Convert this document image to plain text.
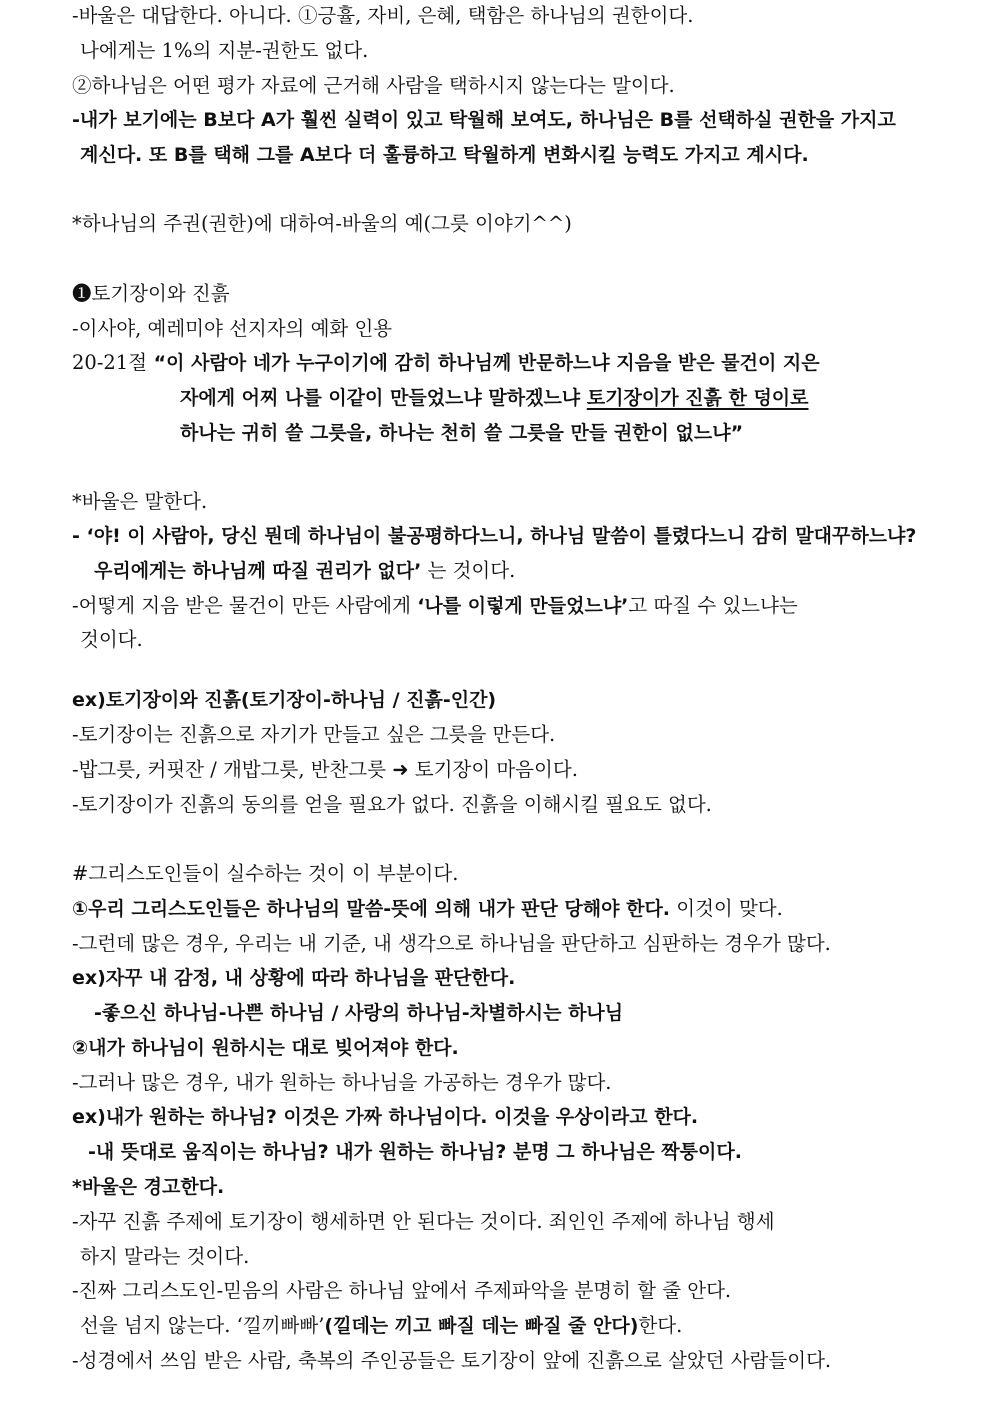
-바울은 대답한다. 아니다. ①긍휼, 자비, 은혜, 택함은 하나님의 권한이다.
나에게는 1%의 지분-권한도 없다.
②하나님은 어떤 평가 자료에 근거해 사람을 택하시지 않는다는 말이다.
-내가 보기에는 B보다 A가 훨씬 실력이 있고 탁월해 보여도, 하나님은 B를 선택하실 권한을 가지고
계신다. 또 B를 택해 그를 A보다 더 훌륭하고 탁월하게 변화시킬 능력도 가지고 계시다.
*하나님의 주권(권한)에 대하여-바울의 예(그릇 이야기^^)
❶토기장이와 진흙
-이사야, 예레미야 선지자의 예화 인용
20-21절 “이 사람아 네가 누구이기에 감히 하나님께 반문하느냐 지음을 받은 물건이 지은
자에게 어찌 나를 이같이 만들었느냐 말하겠느냐 토기장이가 진흙 한 덩이로
하나는 귀히 쓸 그릇을, 하나는 천히 쓸 그릇을 만들 권한이 없느냐”
*바울은 말한다.
- ‘야! 이 사람아, 당신 뭔데 하나님이 불공평하다느니, 하나님 말씀이 틀렸다느니 감히 말대꾸하느냐?
우리에게는 하나님께 따질 권리가 없다’ 는 것이다.
-어떻게 지음 받은 물건이 만든 사람에게 ‘나를 이렇게 만들었느냐’고 따질 수 있느냐는
것이다.
ex)토기장이와 진흙(토기장이-하나님 / 진흙-인간)
-토기장이는 진흙으로 자기가 만들고 싶은 그릇을 만든다.
-밥그릇, 커핏잔 / 개밥그릇, 반찬그릇 ➜ 토기장이 마음이다.
-토기장이가 진흙의 동의를 얻을 필요가 없다. 진흙을 이해시킬 필요도 없다.
#그리스도인들이 실수하는 것이 이 부분이다.
①우리 그리스도인들은 하나님의 말씀-뜻에 의해 내가 판단 당해야 한다. 이것이 맞다.
-그런데 많은 경우, 우리는 내 기준, 내 생각으로 하나님을 판단하고 심판하는 경우가 많다.
ex)자꾸 내 감정, 내 상황에 따라 하나님을 판단한다.
-좋으신 하나님-나쁜 하나님 / 사랑의 하나님-차별하시는 하나님
②내가 하나님이 원하시는 대로 빚어져야 한다.
-그러나 많은 경우, 내가 원하는 하나님을 가공하는 경우가 많다.
ex)내가 원하는 하나님? 이것은 가짜 하나님이다. 이것을 우상이라고 한다.
-내 뜻대로 움직이는 하나님? 내가 원하는 하나님? 분명 그 하나님은 짝퉁이다.
*바울은 경고한다.
-자꾸 진흙 주제에 토기장이 행세하면 안 된다는 것이다. 죄인인 주제에 하나님 행세
하지 말라는 것이다.
-진짜 그리스도인-믿음의 사람은 하나님 앞에서 주제파악을 분명히 할 줄 안다.
선을 넘지 않는다. ‘낄끼빠빠’(낄데는 끼고 빠질 데는 빠질 줄 안다)한다.
-성경에서 쓰임 받은 사람, 축복의 주인공들은 토기장이 앞에 진흙으로 살았던 사람들이다.
